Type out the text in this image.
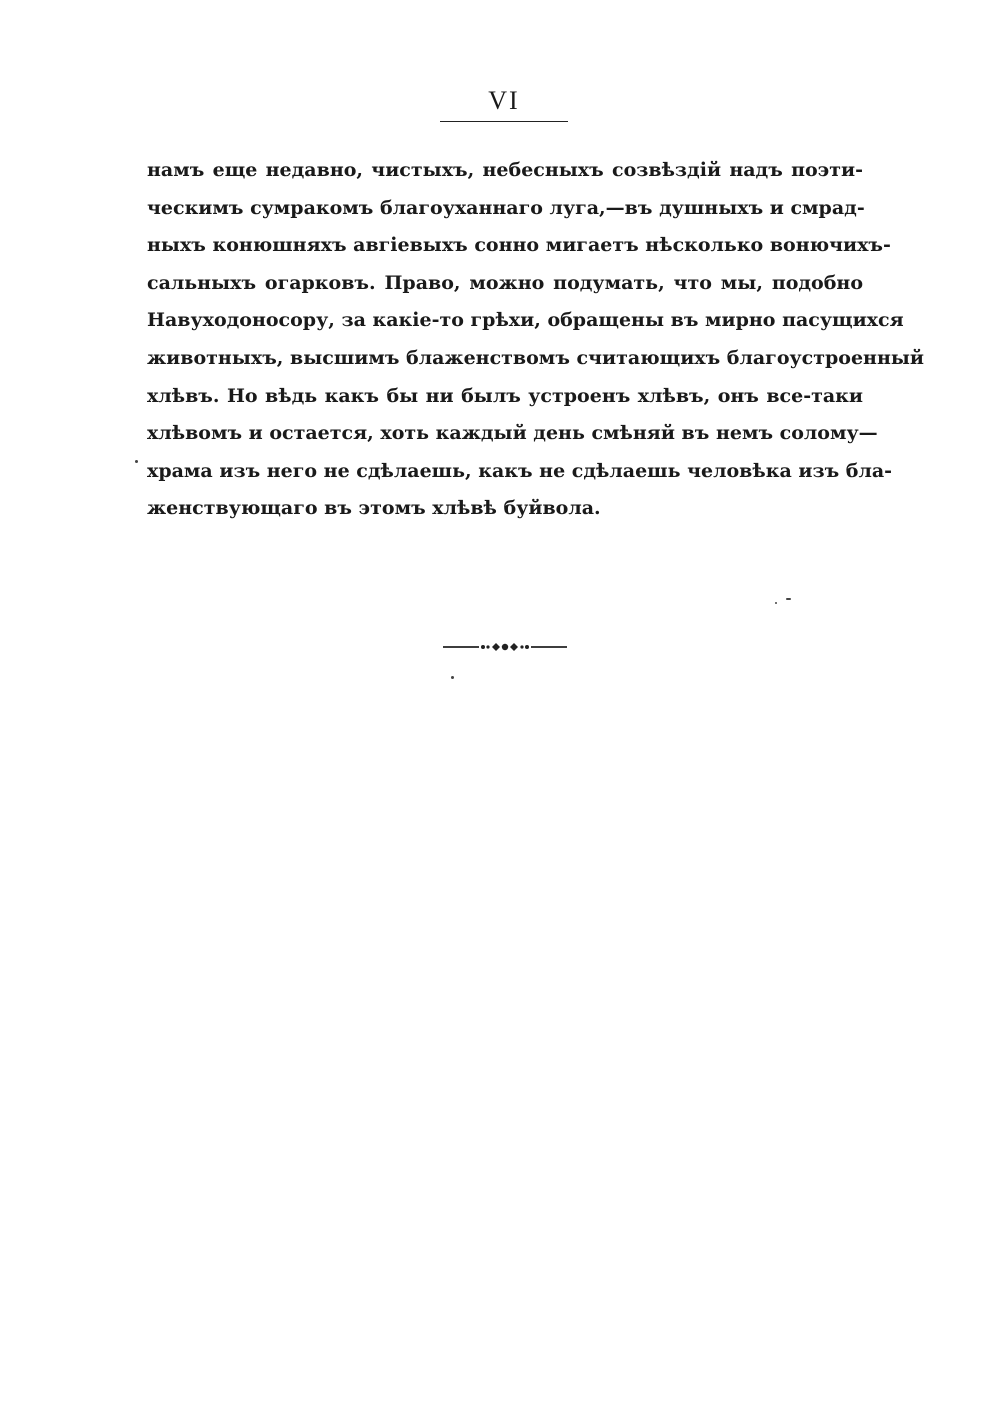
VI
намъ еще недавно, чистыхъ, небесныхъ созвѣздій надъ поэти-
ческимъ сумракомъ благоуханнаго луга,—въ душныхъ и смрад-
ныхъ конюшняхъ авгіевыхъ сонно мигаетъ нѣсколько вонючихъ-
сальныхъ огарковъ. Право, можно подумать, что мы, подобно
Навуходоносору, за какіе-то грѣхи, обращены въ мирно пасущихся
животныхъ, высшимъ блаженствомъ считающихъ благоустроенный
хлѣвъ. Но вѣдь какъ бы ни былъ устроенъ хлѣвъ, онъ все-таки
хлѣвомъ и остается, хоть каждый день смѣняй въ немъ солому—
храма изъ него не сдѣлаешь, какъ не сдѣлаешь человѣка изъ бла-
женствующаго въ этомъ хлѣвѣ буйвола.
